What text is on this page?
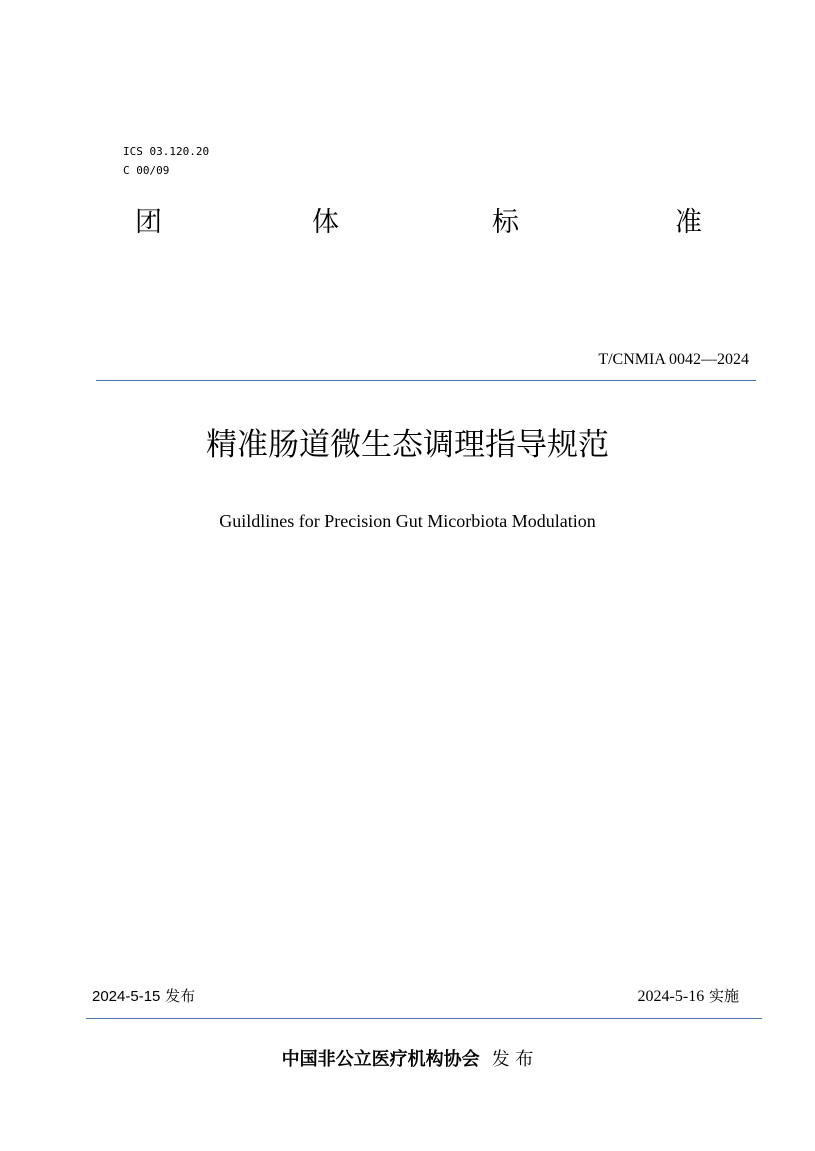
ICS 03.120.20
C 00/09
团	体	标	准
T/CNMIA 0042—2024
精准肠道微生态调理指导规范
Guildlines for Precision Gut Micorbiota Modulation
2024-5-15 发布	2024-5-16 实施
中国非公立医疗机构协会 发 布
